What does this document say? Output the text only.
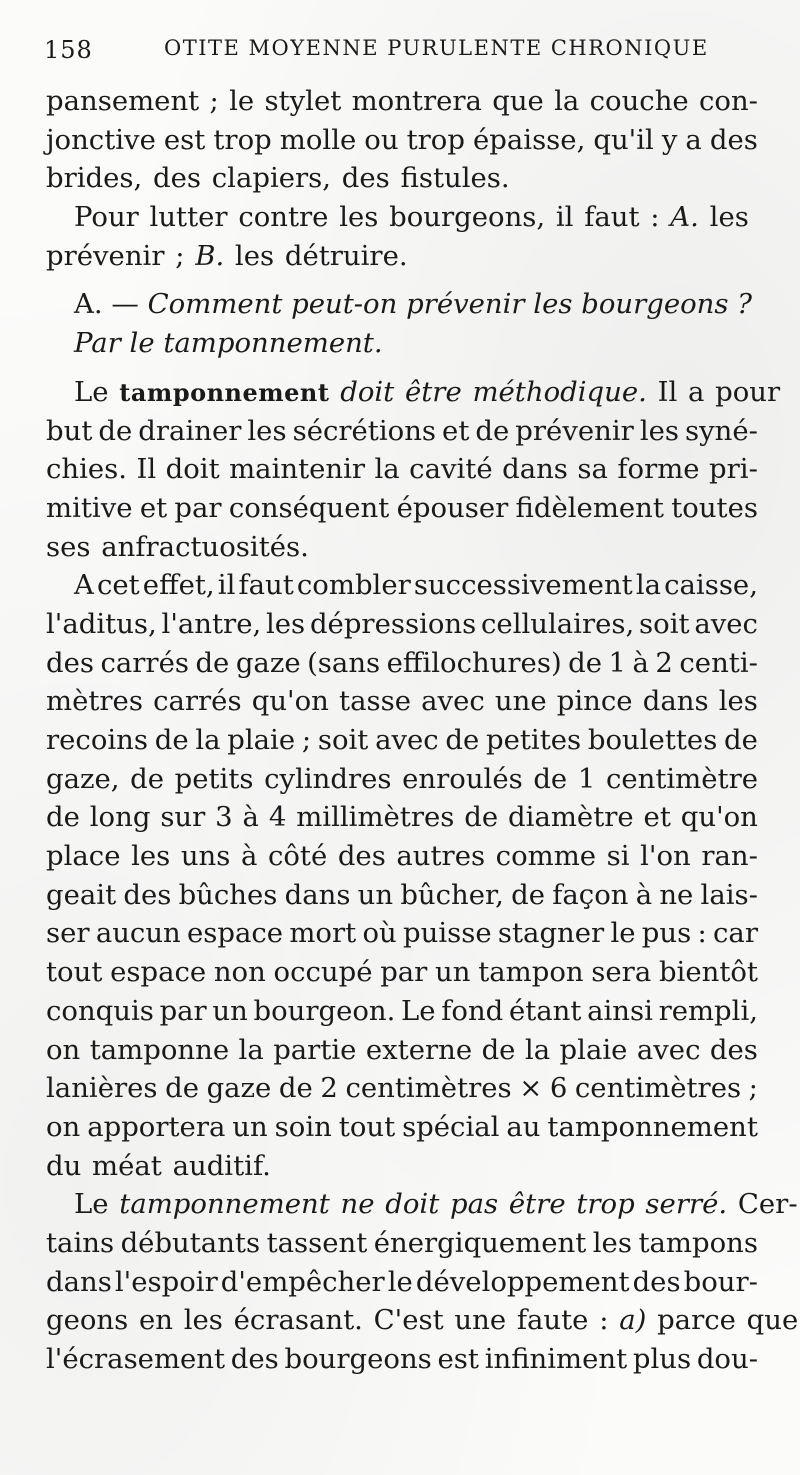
158	OTITE MOYENNE PURULENTE CHRONIQUE
pansement ; le stylet montrera que la couche con-
jonctive est trop molle ou trop épaisse, qu'il y a des
brides, des clapiers, des fistules.
Pour lutter contre les bourgeons, il faut : A. les
prévenir ; B. les détruire.
A. — Comment peut-on prévenir les bourgeons ?
Par le tamponnement.
Le tamponnement doit être méthodique. Il a pour
but de drainer les sécrétions et de prévenir les syné-
chies. Il doit maintenir la cavité dans sa forme pri-
mitive et par conséquent épouser fidèlement toutes
ses anfractuosités.
A cet effet, il faut combler successivement la caisse,
l'aditus, l'antre, les dépressions cellulaires, soit avec
des carrés de gaze (sans effilochures) de 1 à 2 centi-
mètres carrés qu'on tasse avec une pince dans les
recoins de la plaie ; soit avec de petites boulettes de
gaze, de petits cylindres enroulés de 1 centimètre
de long sur 3 à 4 millimètres de diamètre et qu'on
place les uns à côté des autres comme si l'on ran-
geait des bûches dans un bûcher, de façon à ne lais-
ser aucun espace mort où puisse stagner le pus : car
tout espace non occupé par un tampon sera bientôt
conquis par un bourgeon. Le fond étant ainsi rempli,
on tamponne la partie externe de la plaie avec des
lanières de gaze de 2 centimètres × 6 centimètres ;
on apportera un soin tout spécial au tamponnement
du méat auditif.
Le tamponnement ne doit pas être trop serré. Cer-
tains débutants tassent énergiquement les tampons
dans l'espoir d'empêcher le développement des bour-
geons en les écrasant. C'est une faute : a) parce que
l'écrasement des bourgeons est infiniment plus dou-
